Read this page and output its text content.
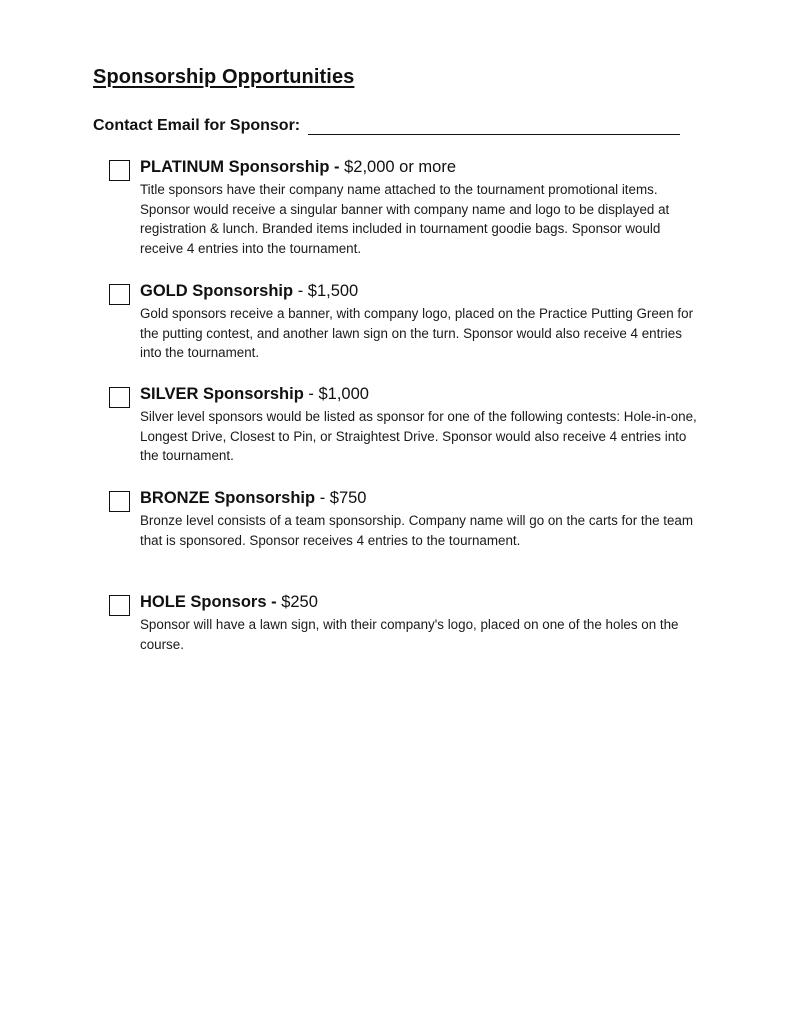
Sponsorship Opportunities
Contact Email for Sponsor:
PLATINUM Sponsorship - $2,000 or more
Title sponsors have their company name attached to the tournament promotional items. Sponsor would receive a singular banner with company name and logo to be displayed at registration & lunch. Branded items included in tournament goodie bags. Sponsor would receive 4 entries into the tournament.
GOLD Sponsorship - $1,500
Gold sponsors receive a banner, with company logo, placed on the Practice Putting Green for the putting contest, and another lawn sign on the turn. Sponsor would also receive 4 entries into the tournament.
SILVER Sponsorship - $1,000
Silver level sponsors would be listed as sponsor for one of the following contests: Hole-in-one, Longest Drive, Closest to Pin, or Straightest Drive. Sponsor would also receive 4 entries into the tournament.
BRONZE Sponsorship - $750
Bronze level consists of a team sponsorship. Company name will go on the carts for the team that is sponsored. Sponsor receives 4 entries to the tournament.
HOLE Sponsors - $250
Sponsor will have a lawn sign, with their company's logo, placed on one of the holes on the course.
